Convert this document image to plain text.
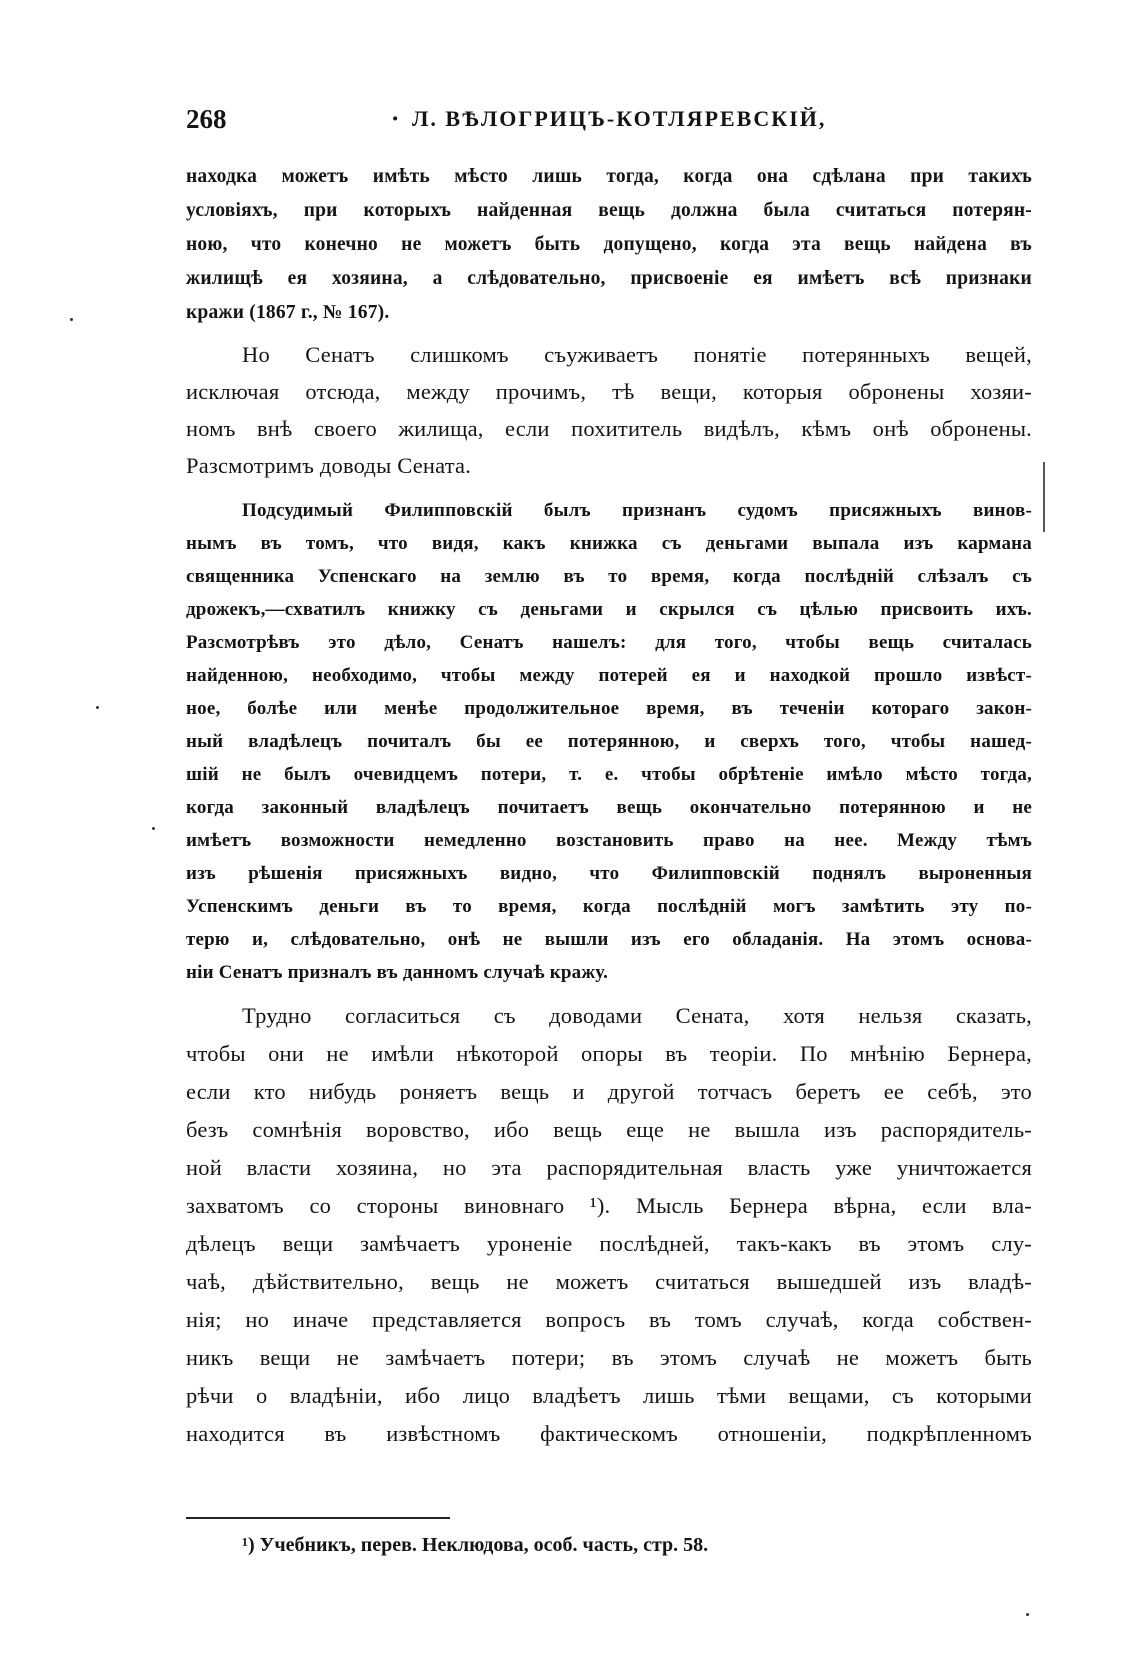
268	· Л. ВѢЛОГРИЦЪ-КОТЛЯРЕВСКІЙ,
находка можетъ имѣть мѣсто лишь тогда, когда она сдѣлана при такихъ
условіяхъ, при которыхъ найденная вещь должна была считаться потерян-
ною, что конечно не можетъ быть допущено, когда эта вещь найдена въ
жилищѣ ея хозяина, а слѣдовательно, присвоеніе ея имѣетъ всѣ признаки
кражи (1867 г., № 167).
Но Сенатъ слишкомъ съуживаетъ понятіе потерянныхъ вещей,
исключая отсюда, между прочимъ, тѣ вещи, которыя обронены хозяи-
номъ внѣ своего жилища, если похититель видѣлъ, кѣмъ онѣ обронены.
Разсмотримъ доводы Сената.
Подсудимый Филипповскій былъ признанъ судомъ присяжныхъ винов-
нымъ въ томъ, что видя, какъ книжка съ деньгами выпала изъ кармана
священника Успенскаго на землю въ то время, когда послѣдній слѣзалъ съ
дрожекъ,—схватилъ книжку съ деньгами и скрылся съ цѣлью присвоить ихъ.
Разсмотрѣвъ это дѣло, Сенатъ нашелъ: для того, чтобы вещь считалась
найденною, необходимо, чтобы между потерей ея и находкой прошло извѣст-
ное, болѣе или менѣе продолжительное время, въ теченіи котораго закон-
ный владѣлецъ почиталъ бы ее потерянною, и сверхъ того, чтобы нашед-
шій не былъ очевидцемъ потери, т. е. чтобы обрѣтеніе имѣло мѣсто тогда,
когда законный владѣлецъ почитаетъ вещь окончательно потерянною и не
имѣетъ возможности немедленно возстановить право на нее. Между тѣмъ
изъ рѣшенія присяжныхъ видно, что Филипповскій поднялъ выроненныя
Успенскимъ деньги въ то время, когда послѣдній могъ замѣтить эту по-
терю и, слѣдовательно, онѣ не вышли изъ его обладанія. На этомъ основа-
ніи Сенатъ призналъ въ данномъ случаѣ кражу.
Трудно согласиться съ доводами Сената, хотя нельзя сказать,
чтобы они не имѣли нѣкоторой опоры въ теоріи. По мнѣнію Бернера,
если кто нибудь роняетъ вещь и другой тотчасъ беретъ ее себѣ, это
безъ сомнѣнія воровство, ибо вещь еще не вышла изъ распорядитель-
ной власти хозяина, но эта распорядительная власть уже уничтожается
захватомъ со стороны виновнаго ¹). Мысль Бернера вѣрна, если вла-
дѣлецъ вещи замѣчаетъ уроненіе послѣдней, такъ-какъ въ этомъ слу-
чаѣ, дѣйствительно, вещь не можетъ считаться вышедшей изъ владѣ-
нія; но иначе представляется вопросъ въ томъ случаѣ, когда собствен-
никъ вещи не замѣчаетъ потери; въ этомъ случаѣ не можетъ быть
рѣчи о владѣніи, ибо лицо владѣетъ лишь тѣми вещами, съ которыми
находится въ извѣстномъ фактическомъ отношеніи, подкрѣпленномъ
¹) Учебникъ, перев. Неклюдова, особ. часть, стр. 58.
